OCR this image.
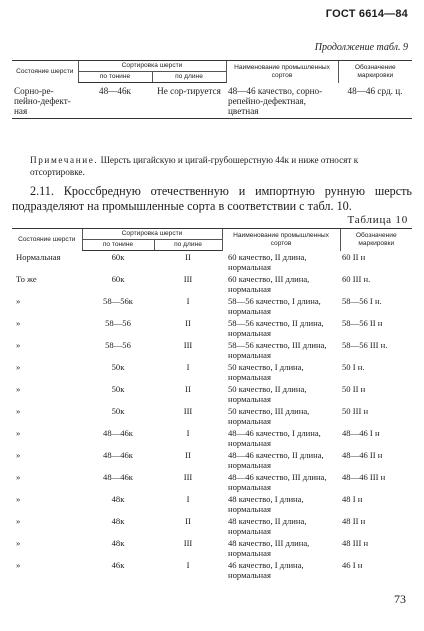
ГОСТ 6614—84
Продолжение табл. 9
Состояние шерсти	Сортировка шерсти		Наименование промышленных сортов	Обозначение маркировки
	по тонине	по длине		
Сорно-ре-пейно-дефект-ная	48—46к	Не сор-тируется	48—46 качество, сорно-репейно-дефектная, цветная	48—46 срд. ц.
Примечание. Шерсть цигайскую и цигай-грубошерстную 44к и ниже относят к отсортировке.
2.11. Кроссбредную отечественную и импортную рунную шерсть подразделяют на промышленные сорта в соответствии с табл. 10.
Таблица 10
Состояние шерсти	Сортировка шерсти		Наименование промышленных сортов	Обозначение маркировки
	по тонине	по длине		
Нормальная	60к	II	60 качество, II длина, нормальная	60 II н
То же	60к	III	60 качество, III длина, нормальная	60 III н.
»	58—56к	I	58—56 качество, I длина, нормальная	58—56 I н.
»	58—56	II	58—56 качество, II длина, нормальная	58—56 II н
»	58—56	III	58—56 качество, III длина, нормальная	58—56 III н.
»	50к	I	50 качество, I длина, нормальная	50 I н.
»	50к	II	50 качество, II длина, нормальная	50 II н
»	50к	III	50 качество, III длина, нормальная	50 III н
»	48—46к	I	48—46 качество, I длина, нормальная	48—46 I н
»	48—46к	II	48—46 качество, II длина, нормальная	48—46 II н
»	48—46к	III	48—46 качество, III длина, нормальная	48—46 III н
»	48к	I	48 качество, I длина, нормальная	48 I н
»	48к	II	48 качество, II длина, нормальная	48 II н
»	48к	III	48 качество, III длина, нормальная	48 III н
»	46к	I	46 качество, I длина, нормальная	46 I н
73
